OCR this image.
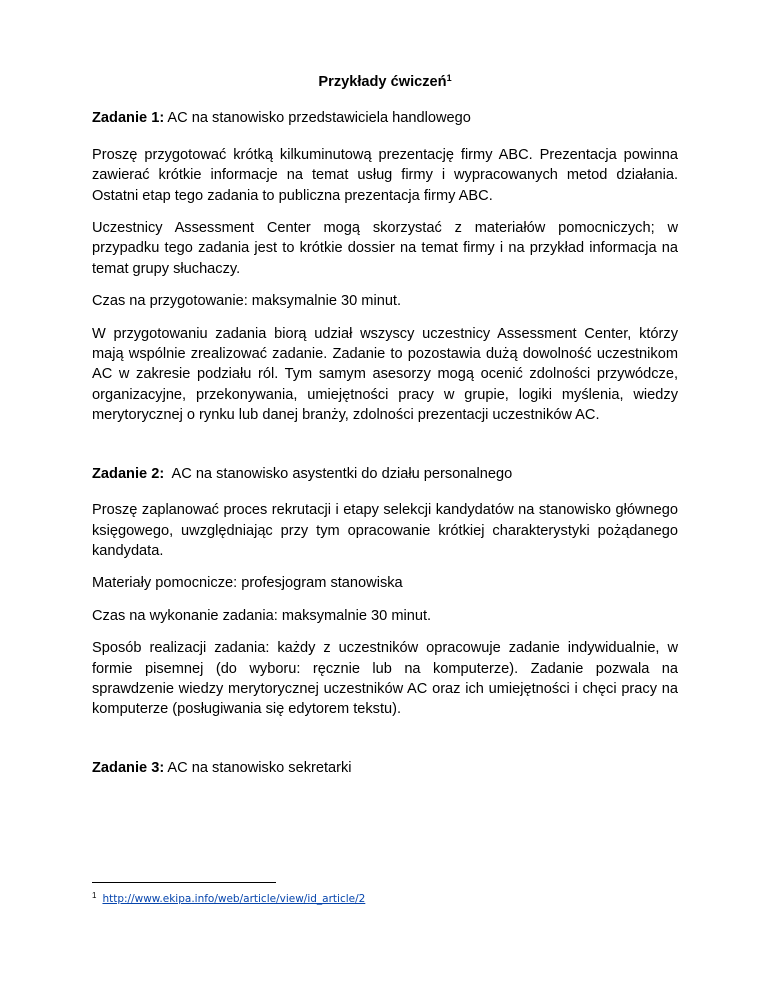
Przykłady ćwiczeń$^1$
Zadanie 1: AC na stanowisko przedstawiciela handlowego

Proszę przygotować krótką kilkuminutową prezentację firmy ABC. Prezentacja powinna zawierać krótkie informacje na temat usług firmy i wypracowanych metod działania. Ostatni etap tego zadania to publiczna prezentacja firmy ABC.

Uczestnicy Assessment Center mogą skorzystać z materiałów pomocniczych; w przypadku tego zadania jest to krótkie dossier na temat firmy i na przykład informacja na temat grupy słuchaczy.

Czas na przygotowanie: maksymalnie 30 minut.

W przygotowaniu zadania biorą udział wszyscy uczestnicy Assessment Center, którzy mają wspólnie zrealizować zadanie. Zadanie to pozostawia dużą dowolność uczestnikom AC w zakresie podziału ról. Tym samym asesorzy mogą ocenić zdolności przywódcze, organizacyjne, przekonywania, umiejętności pracy w grupie, logiki myślenia, wiedzy merytorycznej o rynku lub danej branży, zdolności prezentacji uczestników AC.

Zadanie 2:  AC na stanowisko asystentki do działu personalnego

Proszę zaplanować proces rekrutacji i etapy selekcji kandydatów na stanowisko głównego księgowego, uwzględniając przy tym opracowanie krótkiej charakterystyki pożądanego kandydata.

Materiały pomocnicze: profesjogram stanowiska

Czas na wykonanie zadania: maksymalnie 30 minut.

Sposób realizacji zadania: każdy z uczestników opracowuje zadanie indywidualnie, w formie pisemnej (do wyboru: ręcznie lub na komputerze). Zadanie pozwala na sprawdzenie wiedzy merytorycznej uczestników AC oraz ich umiejętności i chęci pracy na komputerze (posługiwania się edytorem tekstu).

Zadanie 3: AC na stanowisko sekretarki
$^1$ http://www.ekipa.info/web/article/view/id_article/2
